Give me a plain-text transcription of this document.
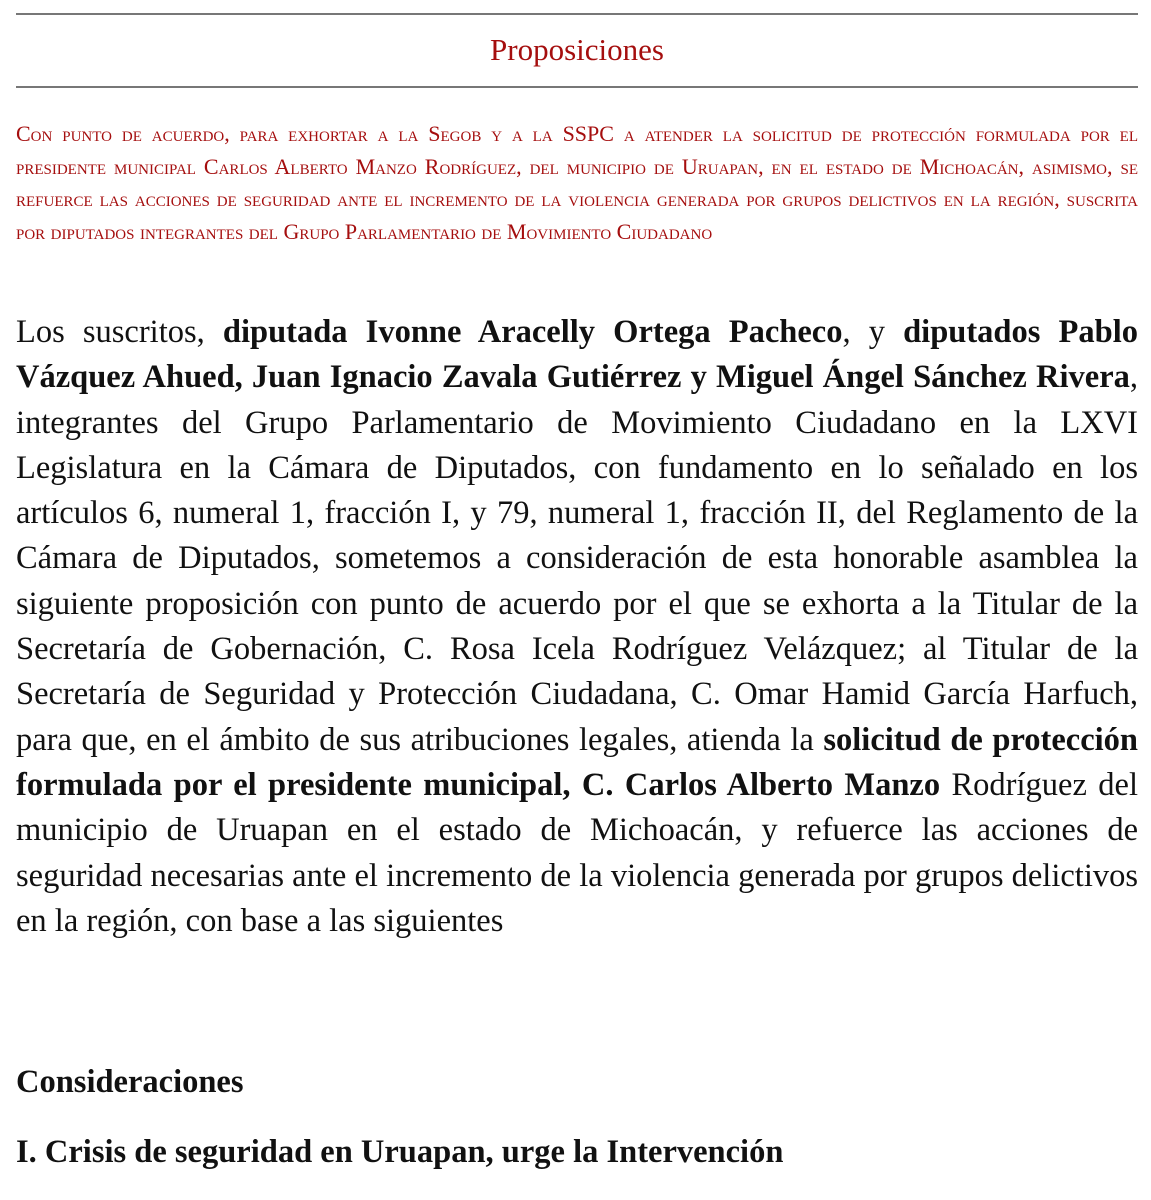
Proposiciones
Con punto de acuerdo, para exhortar a la Segob y a la SSPC a atender la solicitud de protección formulada por el presidente municipal Carlos Alberto Manzo Rodríguez, del municipio de Uruapan, en el estado de Michoacán, asimismo, se refuerce las acciones de seguridad ante el incremento de la violencia generada por grupos delictivos en la región, suscrita por diputados integrantes del Grupo Parlamentario de Movimiento Ciudadano

Los suscritos, diputada Ivonne Aracelly Ortega Pacheco, y diputados Pablo Vázquez Ahued, Juan Ignacio Zavala Gutiérrez y Miguel Ángel Sánchez Rivera, integrantes del Grupo Parlamentario de Movimiento Ciudadano en la LXVI Legislatura en la Cámara de Diputados, con fundamento en lo señalado en los artículos 6, numeral 1, fracción I, y 79, numeral 1, fracción II, del Reglamento de la Cámara de Diputados, sometemos a consideración de esta honorable asamblea la siguiente proposición con punto de acuerdo por el que se exhorta a la Titular de la Secretaría de Gobernación, C. Rosa Icela Rodríguez Velázquez; al Titular de la Secretaría de Seguridad y Protección Ciudadana, C. Omar Hamid García Harfuch, para que, en el ámbito de sus atribuciones legales, atienda la solicitud de protección formulada por el presidente municipal, C. Carlos Alberto Manzo Rodríguez del municipio de Uruapan en el estado de Michoacán, y refuerce las acciones de seguridad necesarias ante el incremento de la violencia generada por grupos delictivos en la región, con base a las siguientes

Consideraciones
I. Crisis de seguridad en Uruapan, urge la Intervención
